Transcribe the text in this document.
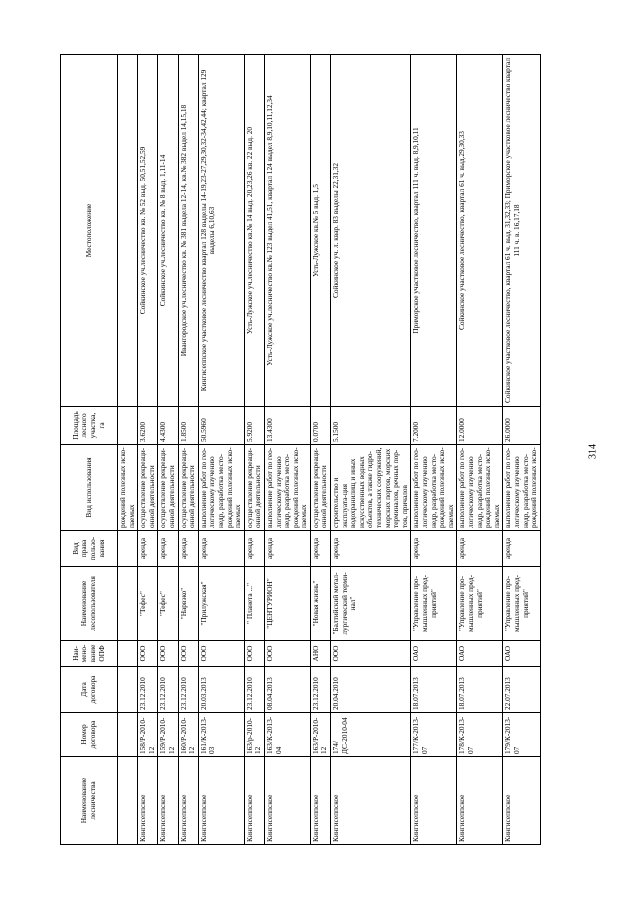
Наименование лесничества	Номер договора	Дата договора	Наи-мено-вание ОПФ	Наименование лесопользователя	Вид права пользо-вания	Вид использования	Площадь лесного участка, га	Местоположение
						рождений полезных иско-паемых		
Кингисеппское	158/Р-2010-12	23.12.2010	ООО	"Тефес"	аренда	осуществление рекреаци-онной деятельности	3.6200	Сойкинское уч.лесничество кв. № 52 выд. 50,51,52,59
Кингисеппское	159/Р-2010-12	23.12.2010	ООО	"Тефес"	аренда	осуществление рекреаци-онной деятельности	4.4300	Сойкинское уч.лесничество кв. № 8 выд. 1,11-14
Кингисеппское	160/Р-2010-12	23.12.2010	ООО	"Нарвэко"	аренда	осуществление рекреаци-онной деятельности	1.8500	Ивангородское уч.лесничество кв. № 381 выдела 12-14, кв.№ 382 выдел 14,15,18
Кингисеппское	161/К-2013-03	20.03.2013	ООО	"Прилужская"	аренда	выполнение работ по гео-логическому изучению недр, разработка место-рождений полезных иско-паемых	50.5960	Кингисеппское участковое лесничество квартал 128 выделы 14-19,23-27,29,30,32-34,42,44; квартал 129 выделы 6,10,63
Кингисеппское	163/р-2010-12	23.12.2010	ООО	" Планета ..."	аренда	осуществление рекреаци-онной деятельности	5.9200	Усть-Лужское уч.лесничество кв.№ 14 выд. 20,23,26 кв. 22 выд. 20
Кингисеппское	163/К-2013-04	08.04.2013	ООО	"ЦЕНТУРИОН"	аренда	выполнение работ по гео-логическому изучению недр, разработка место-рождений полезных иско-паемых	13.4300	Усть-Лужское уч.лесничество кв.№ 123 выдел 41,51, квартал 124 выдел 8,9,10,11,12,34
Кингисеппское	163/Р-2010-12	23.12.2010	АНО	"Новая жизнь"	аренда	осуществление рекреаци-онной деятельности	0.0700	Усть-Лужское кв.№ 5 выд. 1,5
Кингисеппское	174/ДС-2010-04	20.04.2010	ООО	"Балтийский метал-лургический терми-нал"	аренда	строительство и эксплуата-ция водохранилищ и иных искусственных водных объектов, а также гидро-технических сооружений, морских портов, морских терминалов, речных пор-тов, причалов	5.1500	Сойкинское уч. л. квар. 83 выделы 22,31,32
Кингисеппское	177/К-2013-07	18.07.2013	ОАО	"Управление про-мышленных пред-приятий"	аренда	выполнение работ по гео-логическому изучению недр, разработка место-рождений полезных иско-паемых	7.2000	Приморское участковое лесничество, квартал 111 ч. выд. 8,9,10,11
Кингисеппское	178/К-2013-07	18.07.2013	ОАО	"Управление про-мышленных пред-приятий"	аренда	выполнение работ по гео-логическому изучению недр, разработка место-рождений полезных иско-паемых	12.0000	Сойкинское участковое лесничество, квартал 61 ч. выд.29,30,33
Кингисеппское	179/К-2013-07	22.07.2013	ОАО	"Управление про-мышленных пред-приятий"	аренда	выполнение работ по гео-логическому изучению недр, разработка место-рождений полезных иско-	26.0000	Сойкинское участковое лесничество, квартал 61 ч. выд. 31,32,33; Приморское участковое лесничество квартал 111 ч. в. 16,17,18
314
